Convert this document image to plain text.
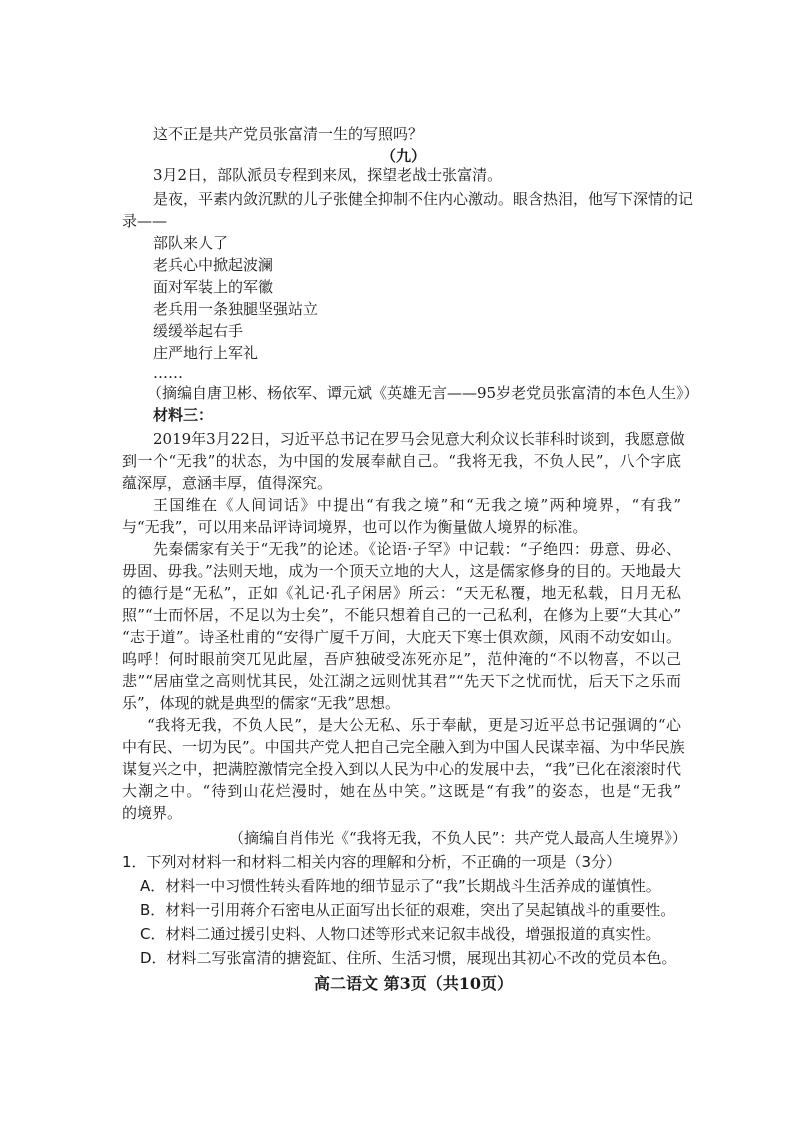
这不正是共产党员张富清一生的写照吗？
（九）
3月2日，部队派员专程到来凤，探望老战士张富清。
是夜，平素内敛沉默的儿子张健全抑制不住内心激动。眼含热泪，他写下深情的记
录——
部队来人了
老兵心中掀起波澜
面对军装上的军徽
老兵用一条独腿坚强站立
缓缓举起右手
庄严地行上军礼
……
（摘编自唐卫彬、杨依军、谭元斌《英雄无言——95岁老党员张富清的本色人生》）
材料三：
2019年3月22日，习近平总书记在罗马会见意大利众议长菲科时谈到，我愿意做
到一个“无我”的状态，为中国的发展奉献自己。“我将无我，不负人民”，八个字底
蕴深厚，意涵丰厚，值得深究。
王国维在《人间词话》中提出“有我之境”和“无我之境”两种境界，“有我”
与“无我”，可以用来品评诗词境界，也可以作为衡量做人境界的标准。
先秦儒家有关于“无我”的论述。《论语·子罕》中记载：“子绝四：毋意、毋必、
毋固、毋我。”法则天地，成为一个顶天立地的大人，这是儒家修身的目的。天地最大
的德行是“无私”，正如《礼记·孔子闲居》所云：“天无私覆，地无私载，日月无私
照”“士而怀居，不足以为士矣”，不能只想着自己的一己私利，在修为上要“大其心”
“志于道”。诗圣杜甫的“安得广厦千万间，大庇天下寒士俱欢颜，风雨不动安如山。
呜呼！何时眼前突兀见此屋，吾庐独破受冻死亦足”，范仲淹的“不以物喜，不以己
悲”“居庙堂之高则忧其民，处江湖之远则忧其君”“先天下之忧而忧，后天下之乐而
乐”，体现的就是典型的儒家“无我”思想。
“我将无我，不负人民”，是大公无私、乐于奉献，更是习近平总书记强调的“心
中有民、一切为民”。中国共产党人把自己完全融入到为中国人民谋幸福、为中华民族
谋复兴之中，把满腔激情完全投入到以人民为中心的发展中去，“我”已化在滚滚时代
大潮之中。“待到山花烂漫时，她在丛中笑。”这既是“有我”的姿态，也是“无我”
的境界。
（摘编自肖伟光《“我将无我，不负人民”：共产党人最高人生境界》）
1．下列对材料一和材料二相关内容的理解和分析，不正确的一项是（3分）
A．材料一中习惯性转头看阵地的细节显示了“我”长期战斗生活养成的谨慎性。
B．材料一引用蒋介石密电从正面写出长征的艰难，突出了吴起镇战斗的重要性。
C．材料二通过援引史料、人物口述等形式来记叙丰战役，增强报道的真实性。
D．材料二写张富清的搪瓷缸、住所、生活习惯，展现出其初心不改的党员本色。
高二语文 第3页（共10页）
